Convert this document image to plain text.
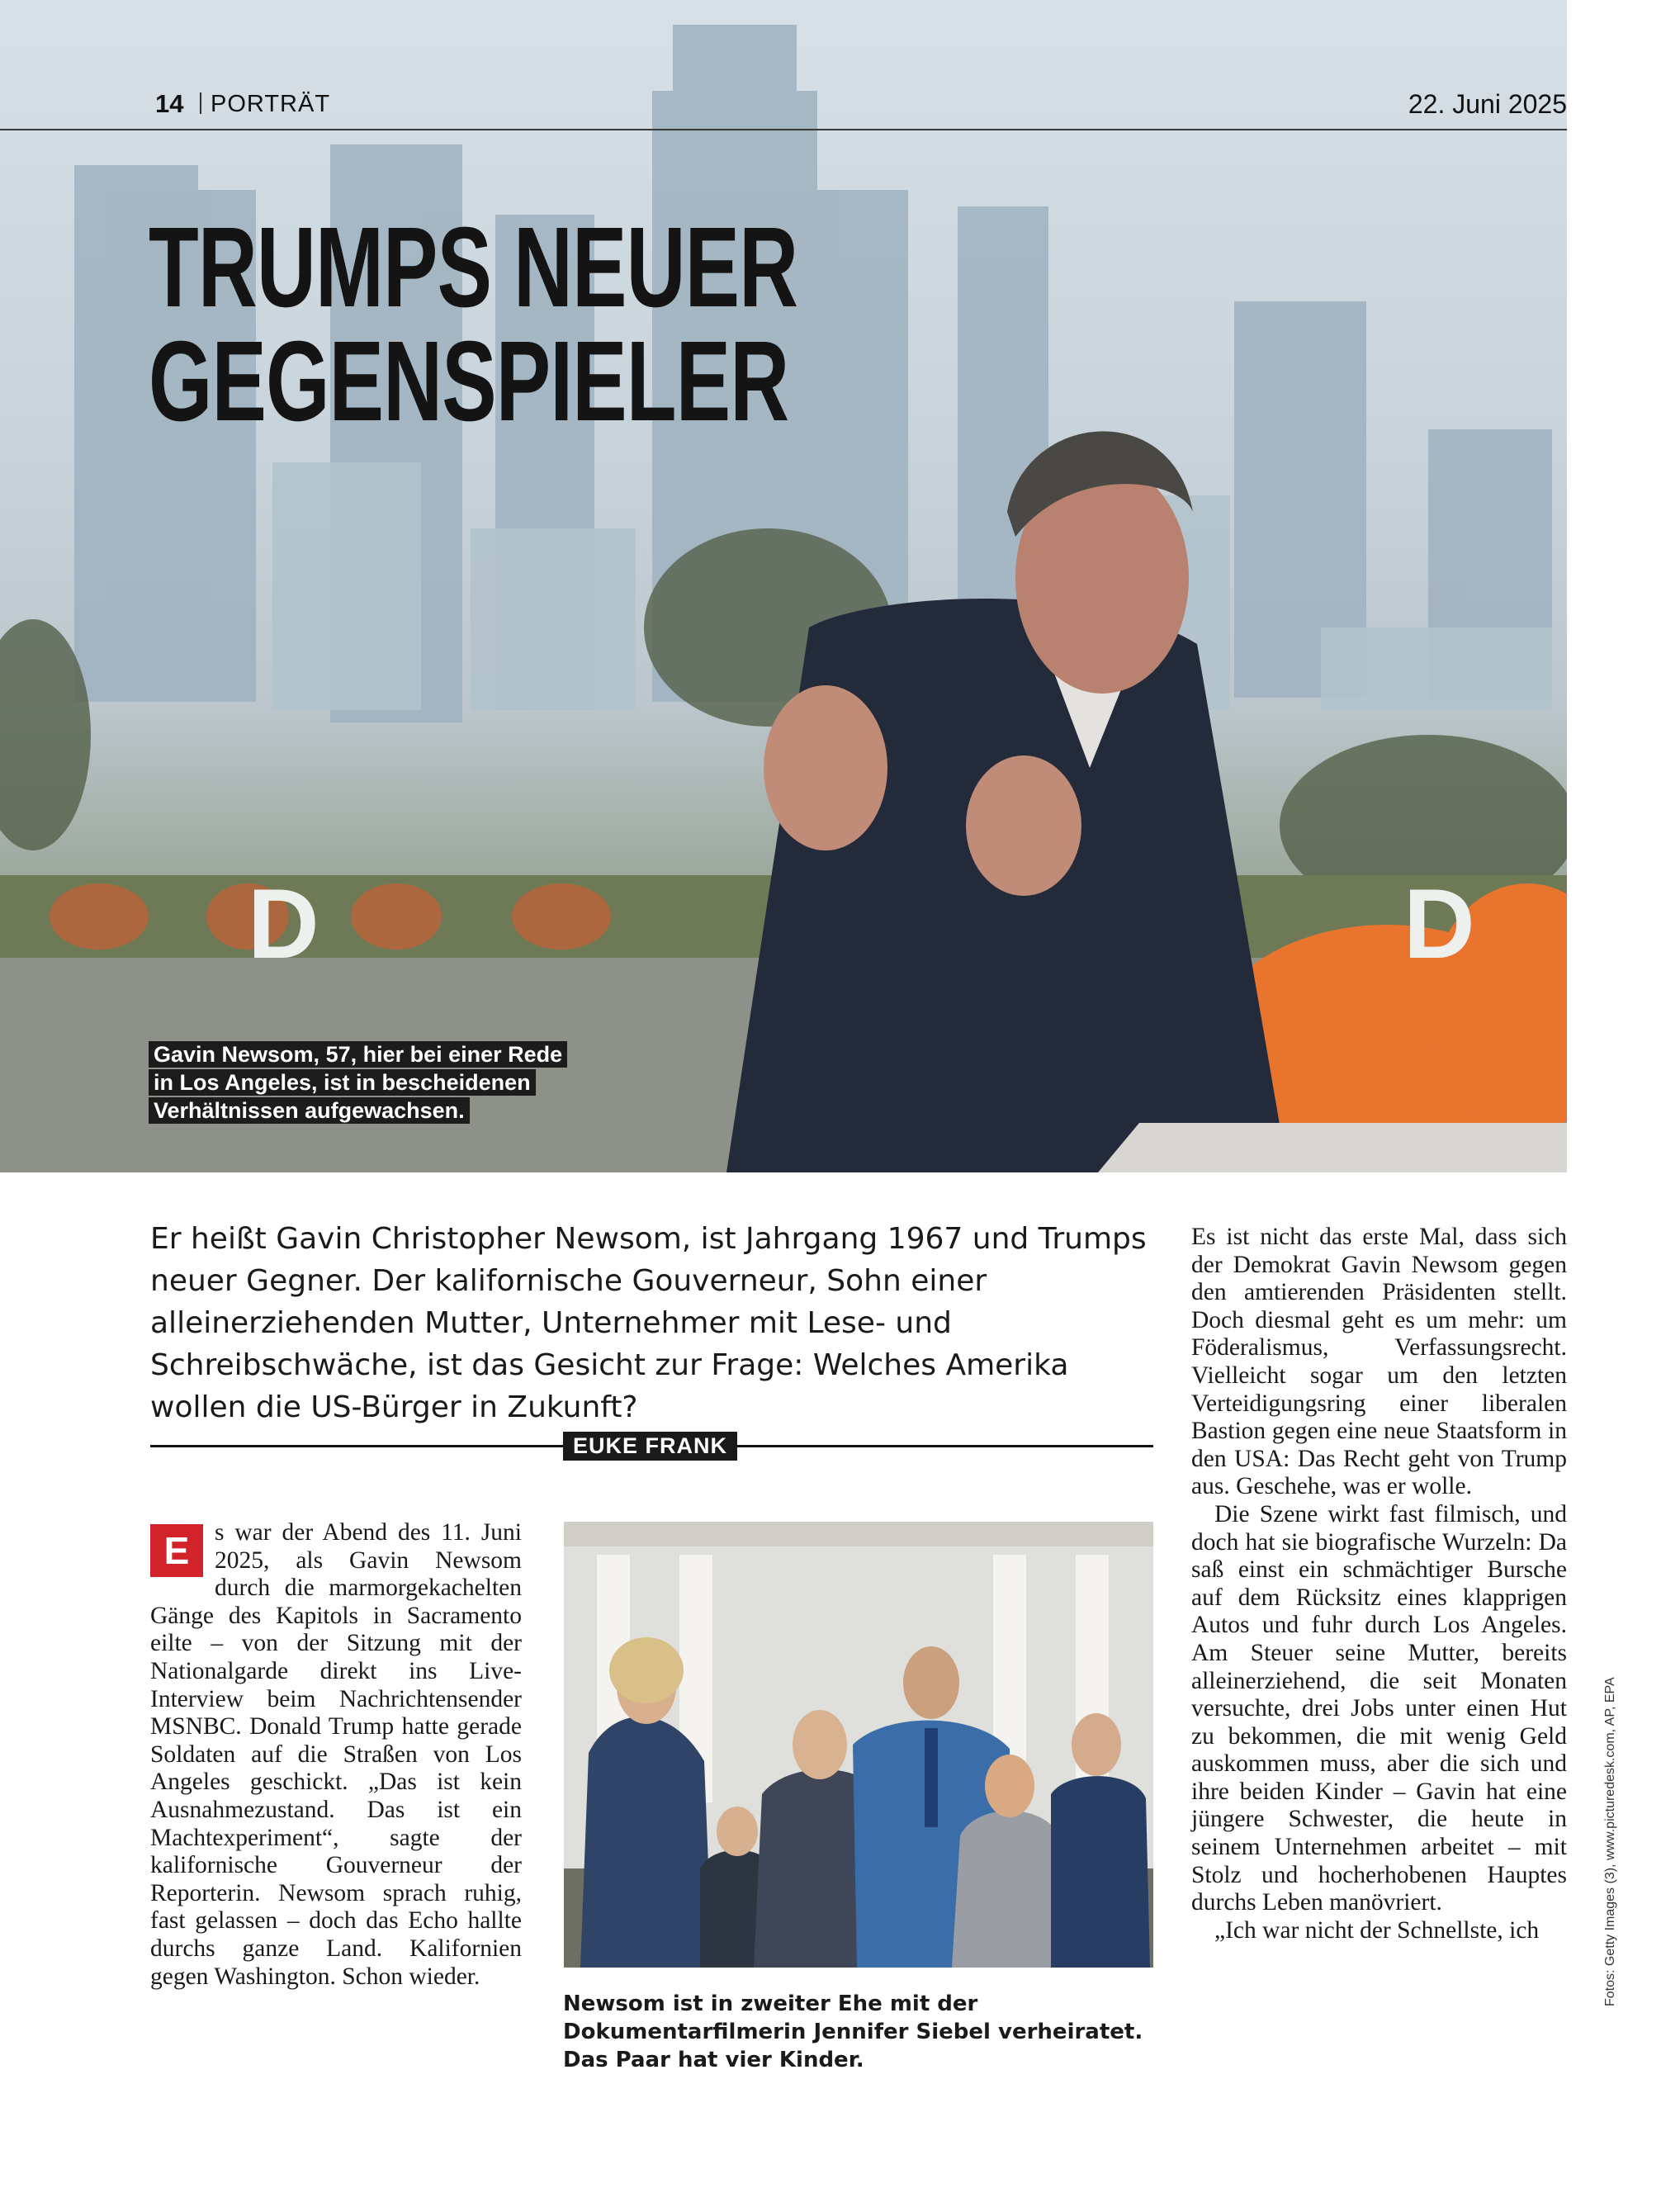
D	D
14 PORTRÄT	22. Juni 2025
TRUMPS NEUER
GEGENSPIELER
Gavin Newsom, 57, hier bei einer Rede
in Los Angeles, ist in bescheidenen
Verhältnissen aufgewachsen.

Er heißt Gavin Christopher Newsom, ist Jahrgang 1967 und Trumps neuer Gegner. Der kalifornische Gouverneur, Sohn einer alleinerziehenden Mutter, Unternehmer mit Lese- und Schreibschwäche, ist das Gesicht zur Frage: Welches Amerika wollen die US-Bürger in Zukunft?

EUKE FRANK
E	s war der Abend des 11. Juni 2025, als Gavin Newsom durch die marmorgekachelten Gänge des Kapitols in Sacramento eilte – von der Sitzung mit der Nationalgarde direkt ins Live-Interview beim Nachrichtensender MSNBC. Donald Trump hatte gerade Soldaten auf die Straßen von Los Angeles geschickt. „Das ist kein Ausnahmezustand. Das ist ein Machtexperiment“, sagte der kalifornische Gouverneur der Reporterin. Newsom sprach ruhig, fast gelassen – doch das Echo hallte durchs ganze Land. Kalifornien gegen Washington. Schon wieder.

Newsom ist in zweiter Ehe mit der Dokumentarfilmerin Jennifer Siebel verheiratet. Das Paar hat vier Kinder.

Es ist nicht das erste Mal, dass sich der Demokrat Gavin Newsom gegen den amtierenden Präsidenten stellt. Doch diesmal geht es um mehr: um Föderalismus, Verfassungsrecht. Vielleicht sogar um den letzten Verteidigungsring einer liberalen Bastion gegen eine neue Staatsform in den USA: Das Recht geht von Trump aus. Geschehe, was er wolle.

Die Szene wirkt fast filmisch, und doch hat sie biografische Wurzeln: Da saß einst ein schmächtiger Bursche auf dem Rücksitz eines klapprigen Autos und fuhr durch Los Angeles. Am Steuer seine Mutter, bereits alleinerziehend, die seit Monaten versuchte, drei Jobs unter einen Hut zu bekommen, die mit wenig Geld auskommen muss, aber die sich und ihre beiden Kinder – Gavin hat eine jüngere Schwester, die heute in seinem Unternehmen arbeitet – mit Stolz und hocherhobenen Hauptes durchs Leben manövriert.

„Ich war nicht der Schnellste, ich	Fotos: Getty Images (3), www.picturedesk.com, AP, EPA
